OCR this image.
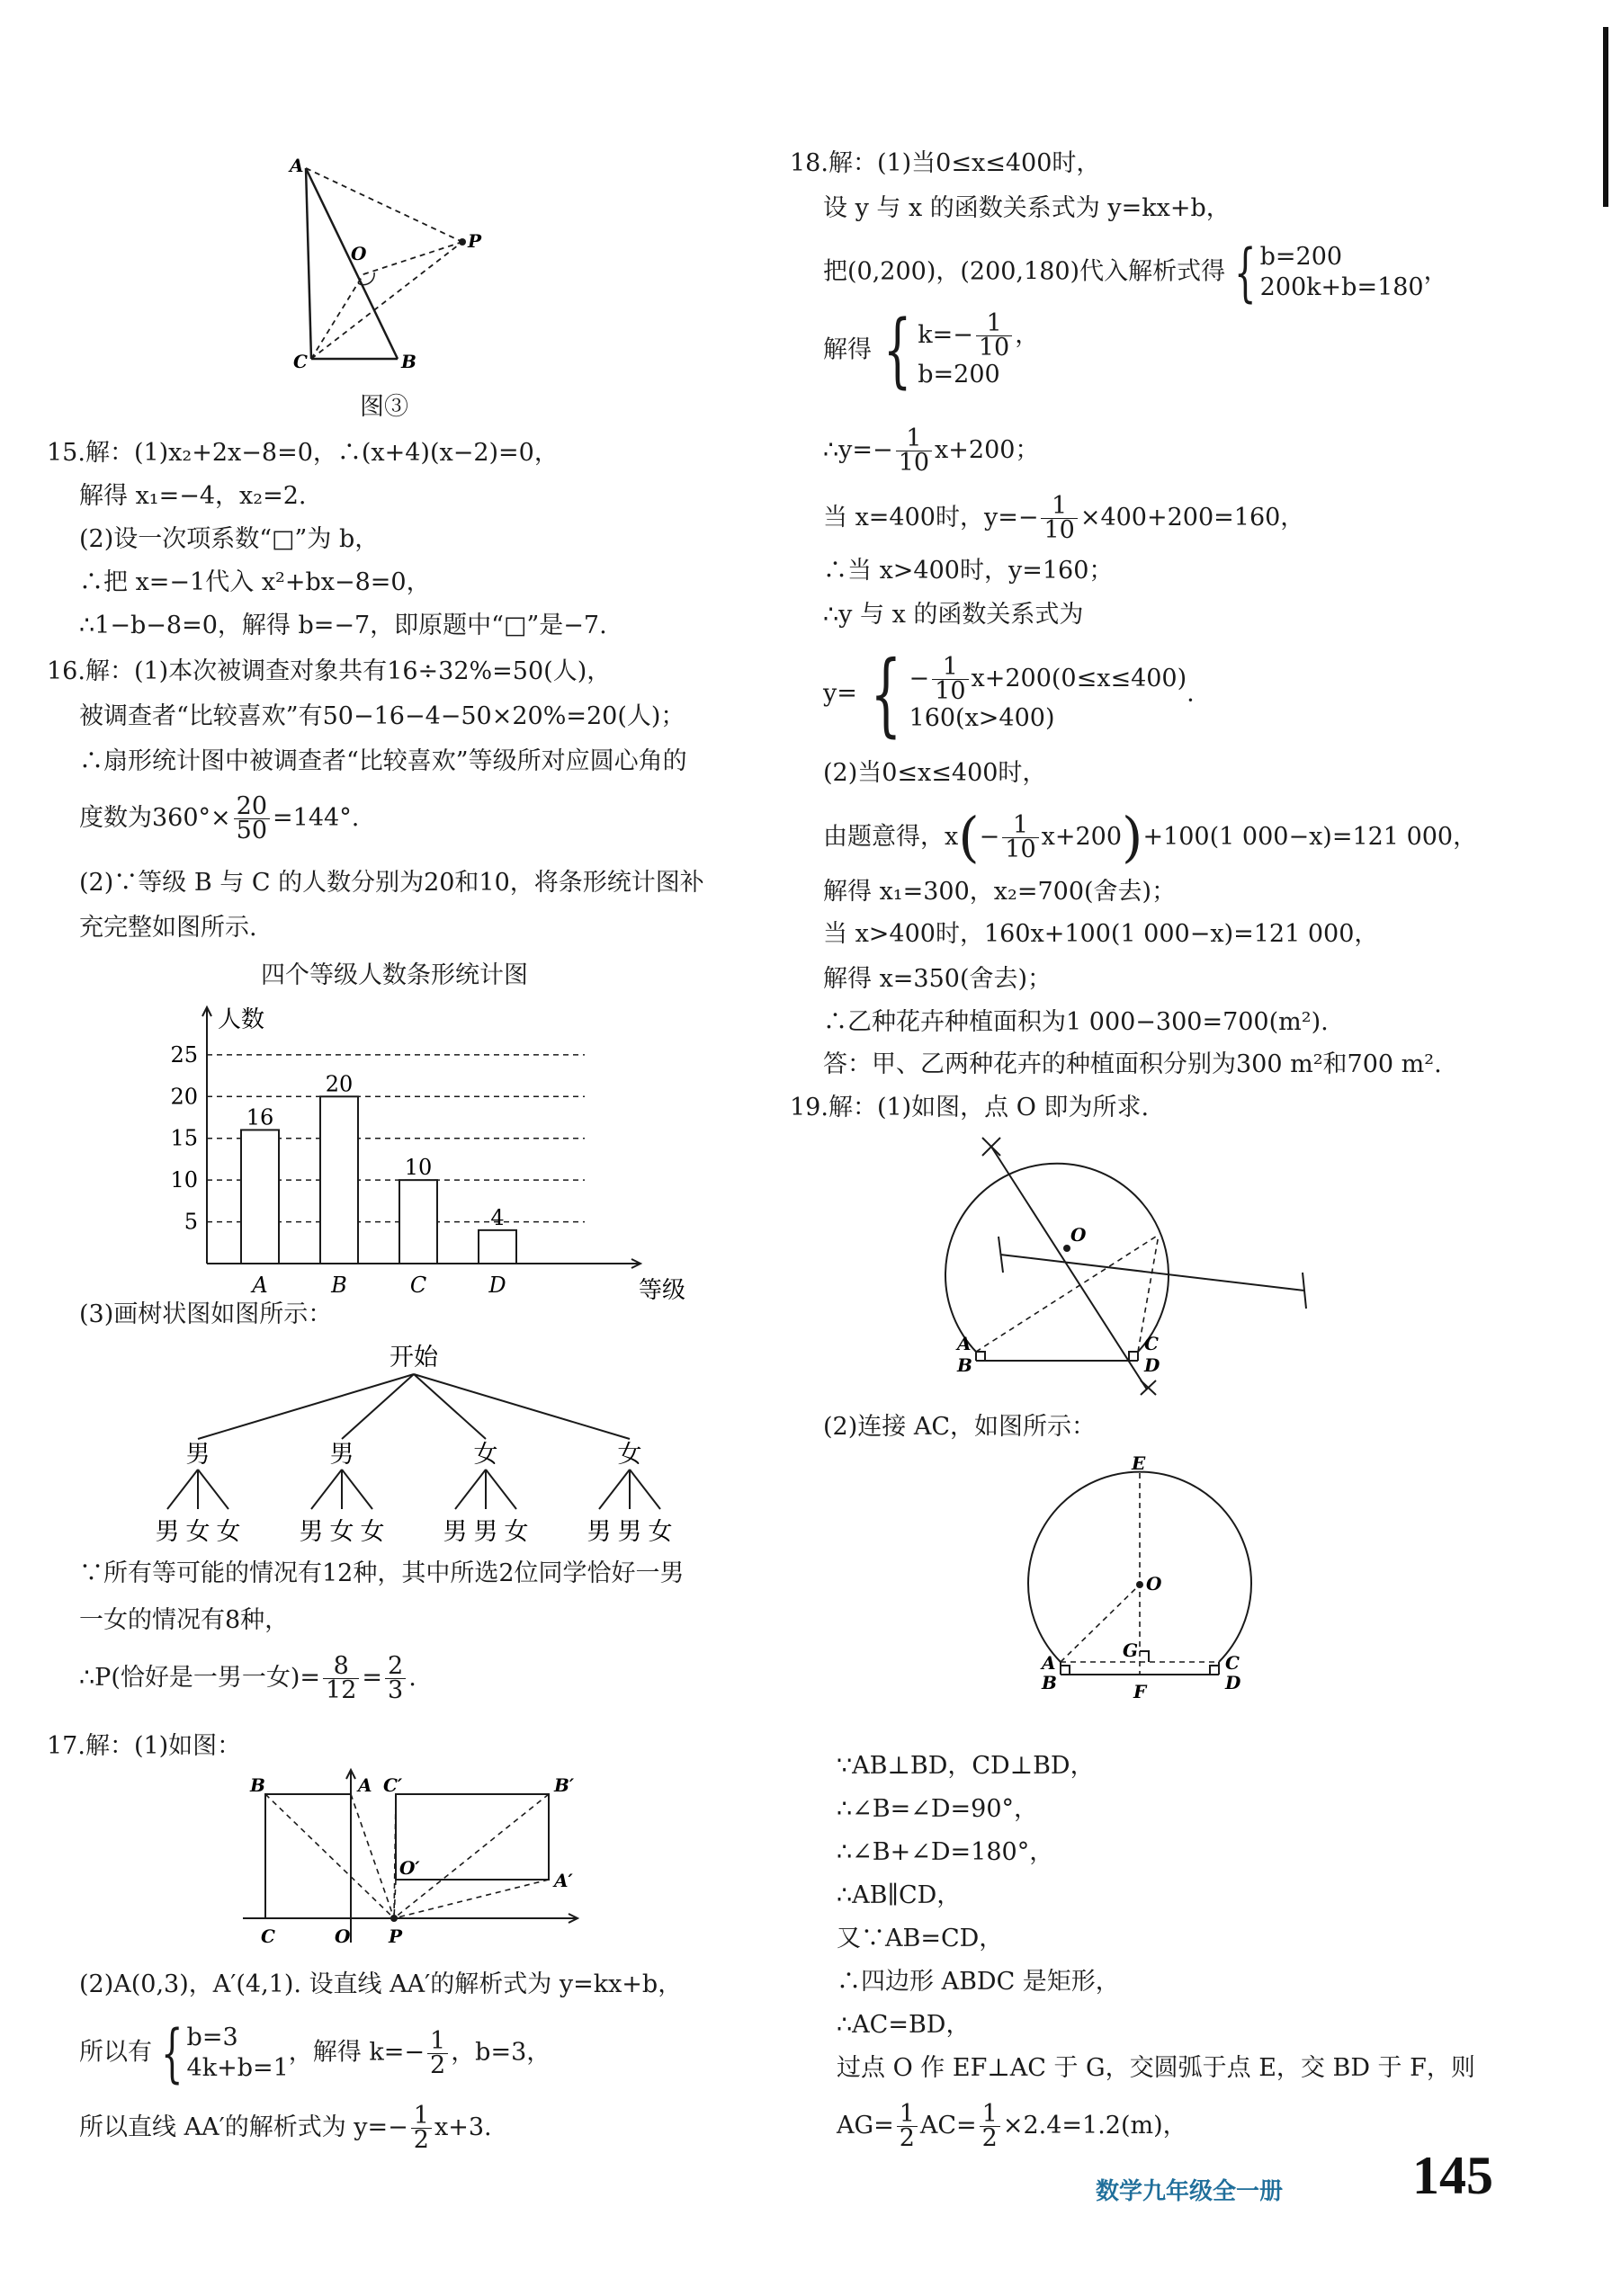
A
P
O
C	B
图③
15.解：(1)x₂+2x−8=0，∴(x+4)(x−2)=0，
解得 x₁=−4，x₂=2.
(2)设一次项系数“□”为 b，
∴把 x=−1代入 x²+bx−8=0，
∴1−b−8=0，解得 b=−7，即原题中“□”是−7.
16.解：(1)本次被调查对象共有16÷32%=50(人)，
被调查者“比较喜欢”有50−16−4−50×20%=20(人)；
∴扇形统计图中被调查者“比较喜欢”等级所对应圆心角的
度数为$360^\circ\times \frac{20}{50} =144^\circ$.
(2)∵等级 B 与 C 的人数分别为20和10，将条形统计图补
充完整如图所示.
四个等级人数条形统计图
5
10
15
20
25
人数
等级
16
A
20
B
10
C
4
D
(3)画树状图如图所示：
开始
男
男 女 女
男
男 女 女
女
男 男 女
女
男 男 女
∵所有等可能的情况有12种，其中所选2位同学恰好一男
一女的情况有8种，
∴P(恰好是一男一女)= $\frac{8}{12} = \frac{2}{3}$ .
17.解：(1)如图：
B	A C′	B′
O′
A′
C	O P
(2)A(0,3)，A′(4,1). 设直线 AA′的解析式为 y=kx+b，
所以有 { b=3
4k+b=1
，解得 $k=- \frac{1}{2}$ ，b=3，
所以直线 AA′的解析式为 $y=- \frac{1}{2} x+3$.
18.解：(1)当0≤x≤400时，
设 y 与 x 的函数关系式为 y=kx+b，
把(0,200)，(200,180)代入解析式得 { b=200
200k+b=180
，
解得 { $k=- \frac{1}{10}$ ，
b=200
∴y=− $\frac{1}{10} x+200$；
当 x=400时，$y=- \frac{1}{10} \times 400+200=160$，
∴当 x>400时，y=160；
∴y 与 x 的函数关系式为
y= { − $\frac{1}{10} x+200(0\le x\le 400)$
160(x>400)
.
(2)当0≤x≤400时，
由题意得，$x(- \frac{1}{10} x+200)+100(1$ 000−x)=121 000，
解得 x₁=300，x₂=700(舍去)；
当 x>400时，160x+100(1 000−x)=121 000，
解得 x=350(舍去)；
∴乙种花卉种植面积为1 000−300=700(m²).
答：甲、乙两种花卉的种植面积分别为300 m²和700 m².
19.解：(1)如图，点 O 即为所求.
O
A
B
C
D
(2)连接 AC，如图所示：
E
O
G
A
B
C
D
F
∵AB⊥BD，CD⊥BD，
∴∠B=∠D=90°，
∴∠B+∠D=180°，
∴AB∥CD，
又∵AB=CD，
∴四边形 ABDC 是矩形，
∴AC=BD，
过点 O 作 EF⊥AC 于 G，交圆弧于点 E，交 BD 于 F，则
$AG= \frac{1}{2} AC= \frac{1}{2} \times 2.4=1.2(m)$，
数学九年级全一册 145
